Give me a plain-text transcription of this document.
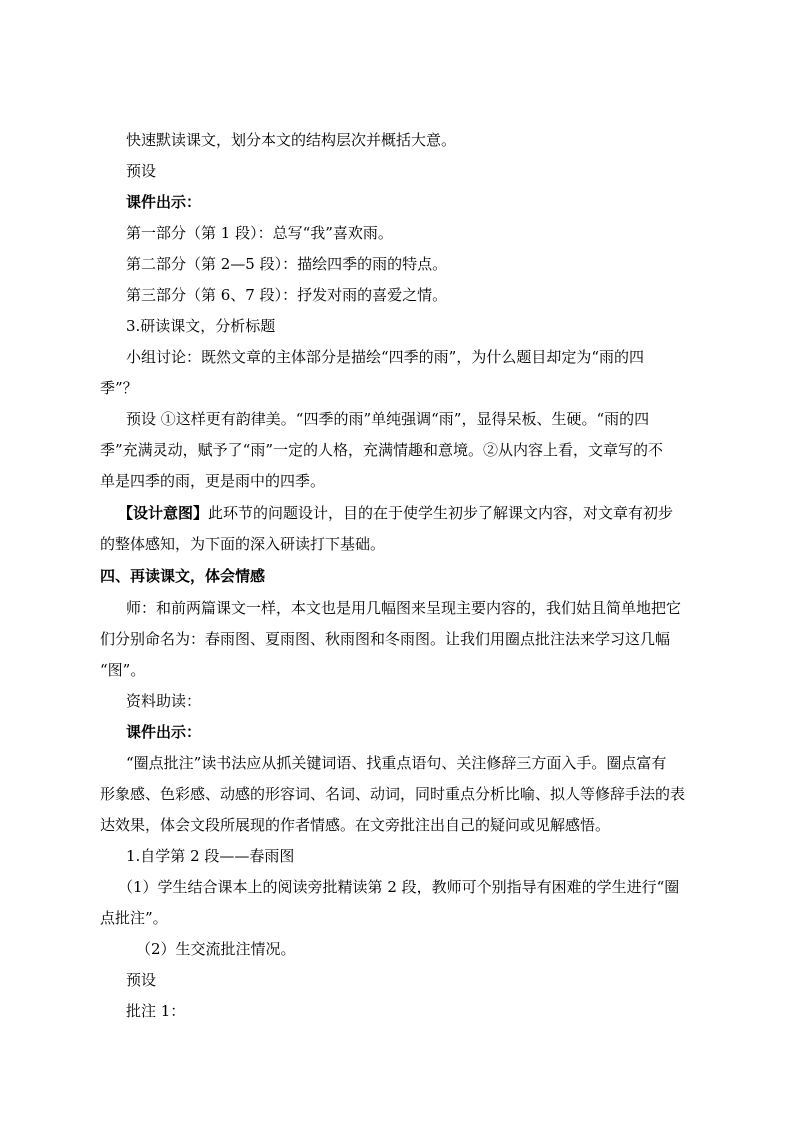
快速默读课文，划分本文的结构层次并概括大意。
预设
课件出示：
第一部分（第 1 段）：总写“我”喜欢雨。
第二部分（第 2—5 段）：描绘四季的雨的特点。
第三部分（第 6、7 段）：抒发对雨的喜爱之情。
3.研读课文，分析标题
小组讨论：既然文章的主体部分是描绘“四季的雨”，为什么题目却定为“雨的四
季”？
预设 ①这样更有韵律美。“四季的雨”单纯强调“雨”，显得呆板、生硬。“雨的四
季”充满灵动，赋予了“雨”一定的人格，充满情趣和意境。②从内容上看，文章写的不
单是四季的雨，更是雨中的四季。
【设计意图】此环节的问题设计，目的在于使学生初步了解课文内容，对文章有初步
的整体感知，为下面的深入研读打下基础。
四、再读课文，体会情感
师：和前两篇课文一样，本文也是用几幅图来呈现主要内容的，我们姑且简单地把它
们分别命名为：春雨图、夏雨图、秋雨图和冬雨图。让我们用圈点批注法来学习这几幅
“图”。
资料助读：
课件出示：
“圈点批注”读书法应从抓关键词语、找重点语句、关注修辞三方面入手。圈点富有
形象感、色彩感、动感的形容词、名词、动词，同时重点分析比喻、拟人等修辞手法的表
达效果，体会文段所展现的作者情感。在文旁批注出自己的疑问或见解感悟。
1.自学第 2 段——春雨图
（1）学生结合课本上的阅读旁批精读第 2 段，教师可个别指导有困难的学生进行“圈
点批注”。
（2）生交流批注情况。
预设
批注 1：
